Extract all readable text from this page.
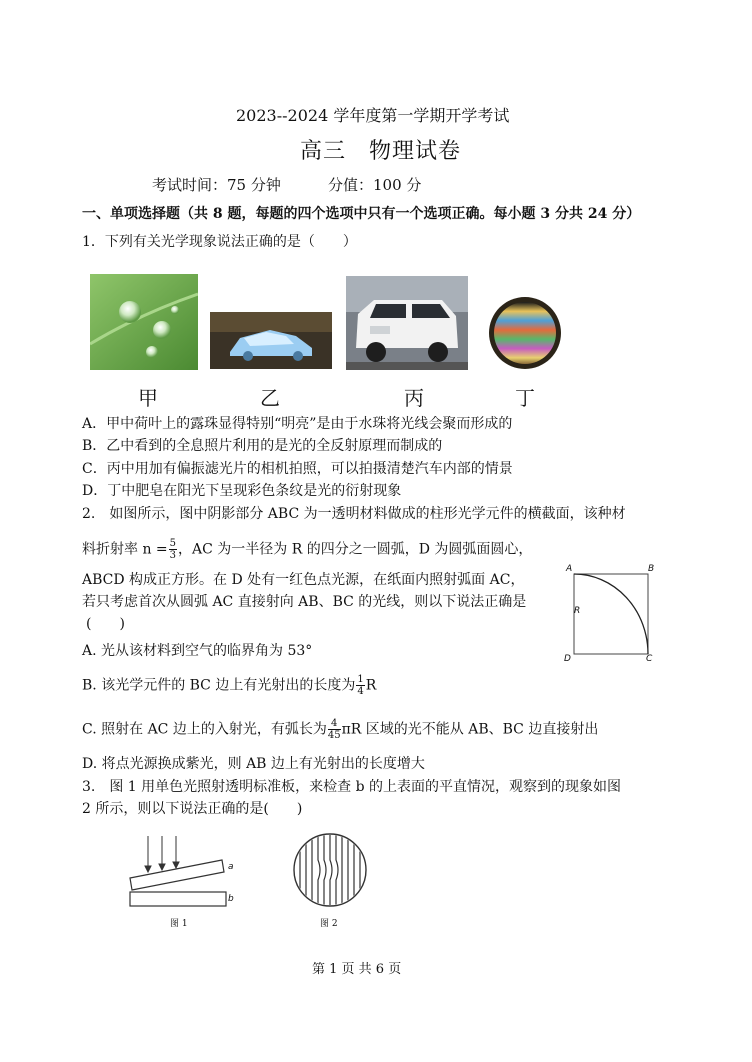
2023--2024 学年度第一学期开学考试
高三　物理试卷
考试时间：75 分钟	分值：100 分
一、单项选择题（共 8 题，每题的四个选项中只有一个选项正确。每小题 3 分共 24 分）
1．下列有关光学现象说法正确的是（　　）
甲	乙	丙	丁
A．甲中荷叶上的露珠显得特别“明亮”是由于水珠将光线会聚而形成的
B．乙中看到的全息照片利用的是光的全反射原理而制成的
C．丙中用加有偏振滤光片的相机拍照，可以拍摄清楚汽车内部的情景
D．丁中肥皂在阳光下呈现彩色条纹是光的衍射现象
2.　如图所示，图中阴影部分 ABC 为一透明材料做成的柱形光学元件的横截面，该种材
料折射率 $n = \frac{5}{3}$ ，AC 为一半径为 R 的四分之一圆弧，D 为圆弧面圆心，
ABCD 构成正方形。在 D 处有一红色点光源，在纸面内照射弧面 AC，
若只考虑首次从圆弧 AC 直接射向 AB、BC 的光线，则以下说法正确是
(　　)
A	B
C
D
R
A. 光从该材料到空气的临界角为 53°
B. 该光学元件的 BC 边上有光射出的长度为 $\frac{1}{4}$ R
C. 照射在 AC 边上的入射光，有弧长为 $\frac{4}{45}$ πR 区域的光不能从 AB、BC 边直接射出
D. 将点光源换成紫光，则 AB 边上有光射出的长度增大
3.　图 1 用单色光照射透明标准板，来检查 b 的上表面的平直情况，观察到的现象如图
2 所示，则以下说法正确的是(　　)
a
b
图 1	图 2
第 1 页 共 6 页
